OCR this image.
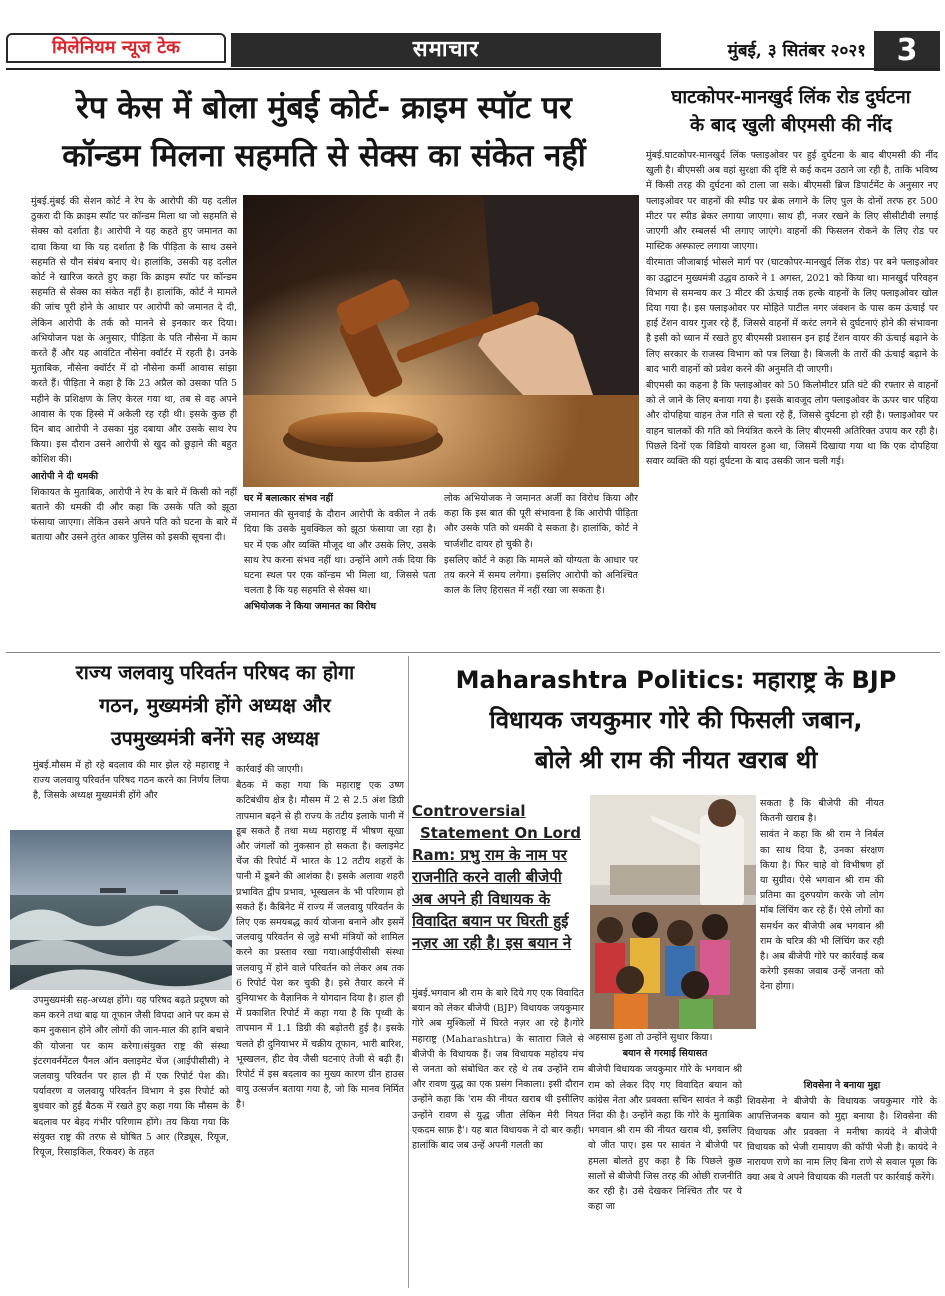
मिलेनियम न्यूज टेक	समाचार	मुंबई, ३ सितंबर २०२१	3
रेप केस में बोला मुंबई कोर्ट- क्राइम स्पॉट पर
कॉन्डम मिलना सहमति से सेक्स का संकेत नहीं
घाटकोपर-मानखुर्द लिंक रोड दुर्घटना
के बाद खुली बीएमसी की नींद

मुंबई.मुंबई की सेशन कोर्ट ने रेप के आरोपी की यह दलील ठुकरा दी कि क्राइम स्पॉट पर कॉन्डम मिला था जो सहमति से सेक्स को दर्शाता है। आरोपी ने यह कहते हुए जमानत का दावा किया था कि यह दर्शाता है कि पीड़िता के साथ उसने सहमति से यौन संबंध बनाए थे। हालांकि, उसकी यह दलील कोर्ट ने खारिज करते हुए कहा कि क्राइम स्पॉट पर कॉन्डम सहमति से सेक्स का संकेत नहीं है। हालांकि, कोर्ट ने मामले की जांच पूरी होने के आधार पर आरोपी को जमानत दे दी, लेकिन आरोपी के तर्क को मानने से इनकार कर दिया।अभियोजन पक्ष के अनुसार, पीड़िता के पति नौसेना में काम करते हैं और यह आवंटित नौसेना क्वॉर्टर में रहती है। उनके मुताबिक, नौसेना क्वॉर्टर में दो नौसेना कर्मी आवास सांझा करते हैं। पीड़िता ने कहा है कि 23 अप्रैल को उसका पति 5 महीने के प्रशिक्षण के लिए केरल गया था, तब से वह अपने आवास के एक हिस्से में अकेली रह रही थी। इसके कुछ ही दिन बाद आरोपी ने उसका मुंह दबाया और उसके साथ रेप किया। इस दौरान उसने आरोपी से खुद को छुड़ाने की बहुत कोशिश की।

आरोपी ने दी धमकी

शिकायत के मुताबिक, आरोपी ने रेप के बारे में किसी को नहीं बताने की धमकी दी और कहा कि उसके पति को झूठा फंसाया जाएगा। लेकिन उसने अपने पति को घटना के बारे में बताया और उसने तुरंत आकर पुलिस को इसकी सूचना दी।

घर में बलात्कार संभव नहीं

जमानत की सुनवाई के दौरान आरोपी के वकील ने तर्क दिया कि उसके मुवक्किल को झूठा फंसाया जा रहा है। घर में एक और व्यक्ति मौजूद था और उसके लिए, उसके साथ रेप करना संभव नहीं था। उन्होंने आगे तर्क दिया कि घटना स्थल पर एक कॉन्डम भी मिला था, जिससे पता चलता है कि यह सहमति से सेक्स था।

अभियोजक ने किया जमानत का विरोध

लोक अभियोजक ने जमानत अर्जी का विरोध किया और कहा कि इस बात की पूरी संभावना है कि आरोपी पीड़िता और उसके पति को धमकी दे सकता है। हालांकि, कोर्ट ने चार्जशीट दायर हो चुकी है।

इसलिए कोर्ट ने कहा कि मामले को योग्यता के आधार पर तय करने में समय लगेगा। इसलिए आरोपी को अनिश्चित काल के लिए हिरासत में नहीं रखा जा सकता है।

मुंबई.घाटकोपर-मानखुर्द लिंक फ्लाइओवर पर हुई दुर्घटना के बाद बीएमसी की नींद खुली है। बीएमसी अब वहां सुरक्षा की दृष्टि से कई कदम उठाने जा रही है, ताकि भविष्य में किसी तरह की दुर्घटना को टाला जा सके। बीएमसी ब्रिज डिपार्टमेंट के अनुसार नए फ्लाइओवर पर वाहनों की स्पीड पर ब्रेक लगाने के लिए पुल के दोनों तरफ हर 500 मीटर पर स्पीड ब्रेकर लगाया जाएगा। साथ ही, नजर रखने के लिए सीसीटीवी लगाई जाएगी और रम्बलर्स भी लगाए जाएंगे। वाहनों की फिसलन रोकने के लिए रोड पर मास्टिक अस्फाल्ट लगाया जाएगा।

वीरमाता जीजाबाई भोसले मार्ग पर (घाटकोपर-मानखुर्द लिंक रोड) पर बने फ्लाइओवर का उद्घाटन मुख्यमंत्री उद्धव ठाकरे ने 1 अगस्त, 2021 को किया था। मानखुर्द परिवहन विभाग से समन्वय कर 3 मीटर की ऊंचाई तक हल्के वाहनों के लिए फ्लाइओवर खोल दिया गया है। इस फ्लाइओवर पर मोहिते पाटील नगर जंक्शन के पास कम ऊंचाई पर हाई टेंशन वायर गुजर रहे हैं, जिससे वाहनों में करंट लगने से दुर्घटनाएं होने की संभावना है इसी को ध्यान में रखते हुए बीएमसी प्रशासन इन हाई टेंशन वायर की ऊंचाई बढ़ाने के लिए सरकार के राजस्व विभाग को पत्र लिखा है। बिजली के तारों की ऊंचाई बढ़ाने के बाद भारी वाहनों को प्रवेश करने की अनुमति दी जाएगी।

बीएमसी का कहना है कि फ्लाइओवर को 50 किलोमीटर प्रति घंटे की रफ्तार से वाहनों को ले जाने के लिए बनाया गया है। इसके बावजूद लोग फ्लाइओवर के ऊपर चार पहिया और दोपहिया वाहन तेज गति से चला रहे हैं, जिससे दुर्घटना हो रही है। फ्लाइओवर पर वाहन चालकों की गति को नियंत्रित करने के लिए बीएमसी अतिरिक्त उपाय कर रही है। पिछले दिनों एक विडियो वायरल हुआ था, जिसमें दिखाया गया था कि एक दोपहिया सवार व्यक्ति की यहां दुर्घटना के बाद उसकी जान चली गई।

राज्य जलवायु परिवर्तन परिषद का होगा
गठन, मुख्यमंत्री होंगे अध्यक्ष और
उपमुख्यमंत्री बनेंगे सह अध्यक्ष

मुंबई.मौसम में हो रहे बदलाव की मार झेल रहे महाराष्ट्र ने राज्य जलवायु परिवर्तन परिषद गठन करने का निर्णय लिया है, जिसके अध्यक्ष मुख्यमंत्री होंगे और

उपमुख्यमंत्री सह-अध्यक्ष होंगे। यह परिषद बढ़ते प्रदूषण को कम करने तथा बाढ़ या तूफान जैसी विपदा आने पर कम से कम नुकसान होने और लोगों की जान-माल की हानि बचाने की योजना पर काम करेगा।संयुक्त राष्ट्र की संस्था इंटरगवर्नमेंटल पैनल ऑन क्लाइमेट चेंज (आईपीसीसी) ने जलवायु परिवर्तन पर हाल ही में एक रिपोर्ट पेश की। पर्यावरण व जलवायु परिवर्तन विभाग ने इस रिपोर्ट को बुधवार को हुई बैठक में रखते हुए कहा गया कि मौसम के बदलाव पर बेहद गंभीर परिणाम होंगे। तय किया गया कि संयुक्त राष्ट्र की तरफ से घोषित 5 आर (रिड्यूस, रियूज, रियूज, रिसाइकिल, रिकवर) के तहत

कार्रवाई की जाएगी।

बैठक में कहा गया कि महाराष्ट्र एक उष्ण कटिबंधीय क्षेत्र है। मौसम में 2 से 2.5 अंश डिग्री तापमान बढ़ने से ही राज्य के तटीय इलाके पानी में डूब सकते हैं तथा मध्य महाराष्ट्र में भीषण सूखा और जंगलों को नुकसान हो सकता है। क्लाइमेट चेंज की रिपोर्ट में भारत के 12 तटीय शहरों के पानी में डूबने की आशंका है। इसके अलावा शहरी प्रभावित द्वीप प्रभाव, भूस्खलन के भी परिणाम हो सकते हैं। कैबिनेट में राज्य में जलवायु परिवर्तन के लिए एक समयबद्ध कार्य योजना बनाने और इसमें जलवायु परिवर्तन से जुड़े सभी मंत्रियों को शामिल करने का प्रस्ताव रखा गया।आईपीसीसी संस्था जलवायु में होने वाले परिवर्तन को लेकर अब तक 6 रिपोर्ट पेश कर चुकी है। इसे तैयार करने में दुनियाभर के वैज्ञानिक ने योगदान दिया है। हाल ही में प्रकाशित रिपोर्ट में कहा गया है कि पृथ्वी के तापमान में 1.1 डिग्री की बढ़ोतरी हुई है। इसके चलते ही दुनियाभर में चक्रीय तूफान, भारी बारिश, भूस्खलन, हीट वेव जैसी घटनाएं तेजी से बढ़ी हैं। रिपोर्ट में इस बदलाव का मुख्य कारण ग्रीन हाउस वायु उत्सर्जन बताया गया है, जो कि मानव निर्मित है।

Maharashtra Politics: महाराष्ट्र के BJP
विधायक जयकुमार गोरे की फिसली जबान,
बोले श्री राम की नीयत खराब थी
Controversial
Statement On Lord
Ram: प्रभु राम के नाम पर राजनीति करने वाली बीजेपी अब अपने ही विधायक के विवादित बयान पर घिरती हुई नज़र आ रही है। इस बयान ने

मुंबई.भगवान श्री राम के बारे दिये गए एक विवादित बयान को लेकर बीजेपी (BJP) विधायक जयकुमार गोरे अब मुश्किलों में घिरते नज़र आ रहे है।गोरे महाराष्ट्र (Maharashtra) के सातारा जिले से बीजेपी के विधायक हैं। जब विधायक महोदय मंच से जनता को संबोधित कर रहे थे तब उन्होंने राम और रावण युद्ध का एक प्रसंग निकाला। इसी दौरान उन्होंने कहा कि 'राम की नीयत खराब थी इसीलिए उन्होंने रावण से युद्ध जीता लेकिन मेरी नियत एकदम साफ़ है'। यह बात विधायक ने दो बार कही। हालांकि बाद जब उन्हें अपनी गलती का

अहसास हुआ तो उन्होंने सुधार किया।

बयान से गरमाई सियासत

बीजेपी विधायक जयकुमार गोरे के भगवान श्री राम को लेकर दिए गए विवादित बयान को कांग्रेस नेता और प्रवक्ता सचिन सावंत ने कड़ी निंदा की है। उन्होंने कहा कि गोरे के मुताबिक भगवान श्री राम की नीयत खराब थी, इसलिए वो जीत पाए। इस पर सावंत ने बीजेपी पर हमला बोलते हुए कहा है कि पिछले कुछ सालों से बीजेपी जिस तरह की ओछी राजनीति कर रही है। उसे देखकर निश्चित तौर पर ये कहा जा

सकता है कि बीजेपी की नीयत कितनी खराब है।

सावंत ने कहा कि श्री राम ने निर्बल का साथ दिया है, उनका संरक्षण किया है। फिर चाहे वो विभीषण हों या सुग्रीव। ऐसे भगवान श्री राम की प्रतिमा का दुरुपयोग करके जो लोग मॉब लिंचिंग कर रहे हैं। ऐसे लोगों का समर्थन कर बीजेपी अब भगवान श्री राम के चरित्र की भी लिंचिंग कर रही है। अब बीजेपी गोरे पर कार्रवाई कब करेगी इसका जवाब उन्हें जनता को देना होगा।

शिवसेना ने बनाया मुद्दा

शिवसेना ने बीजेपी के विधायक जयकुमार गोरे के आपत्तिजनक बयान को मुद्दा बनाया है। शिवसेना की विधायक और प्रवक्ता ने मनीषा कायंदे ने बीजेपी विधायक को भेजी रामायण की कॉपी भेजी है। कायंदे ने नारायण राणे का नाम लिए बिना राणे से सवाल पूछा कि क्या अब वे अपने विधायक की गलती पर कार्रवाई करेंगे।
